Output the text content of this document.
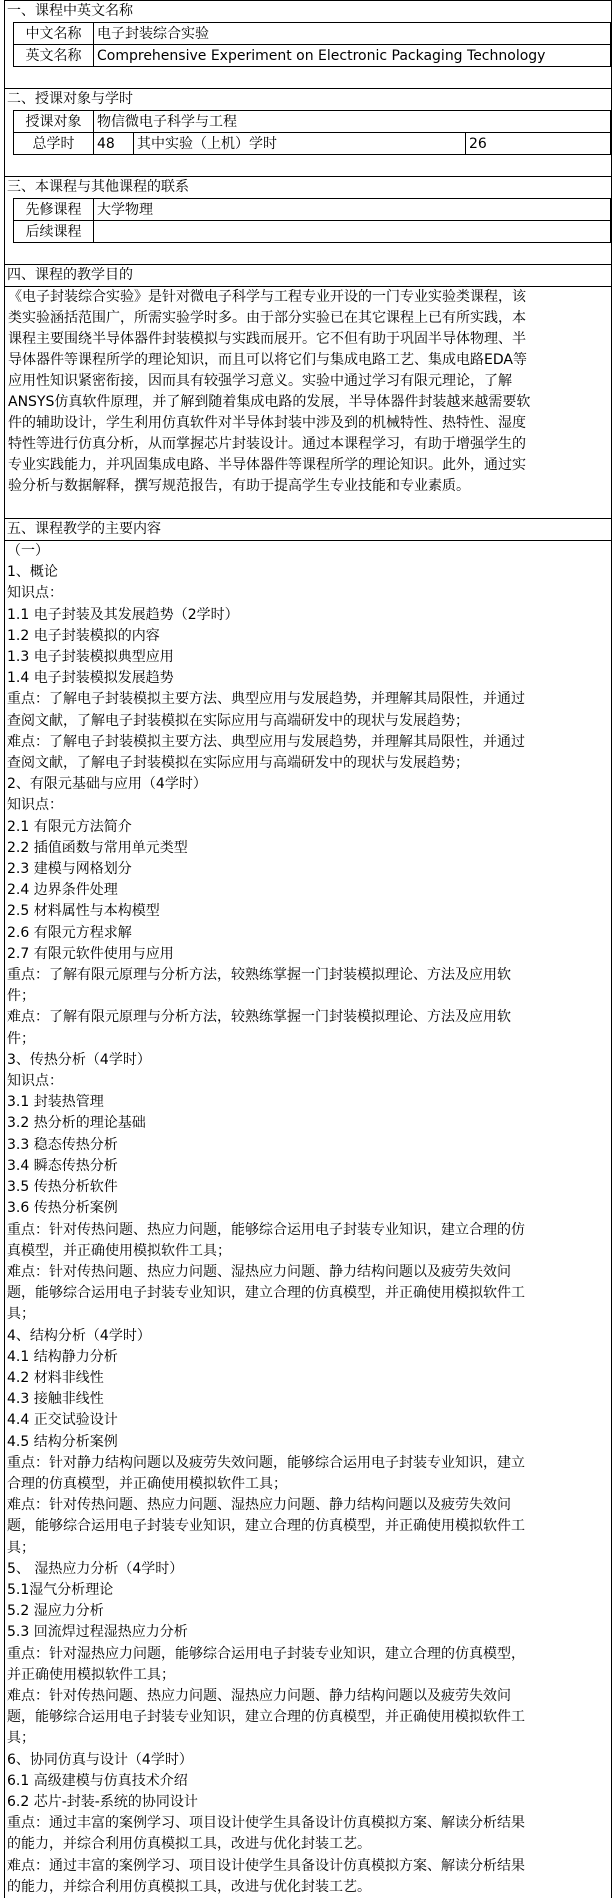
一、课程中英文名称
中文名称	电子封装综合实验
英文名称	Comprehensive Experiment on Electronic Packaging Technology
二、授课对象与学时
授课对象	物信微电子科学与工程		
总学时	48	其中实验（上机）学时	26
三、本课程与其他课程的联系
先修课程	大学物理
后续课程	
四、课程的教学目的
《电子封装综合实验》是针对微电子科学与工程专业开设的一门专业实验类课程，该
类实验涵括范围广，所需实验学时多。由于部分实验已在其它课程上已有所实践，本
课程主要围绕半导体器件封装模拟与实践而展开。它不但有助于巩固半导体物理、半
导体器件等课程所学的理论知识，而且可以将它们与集成电路工艺、集成电路EDA等
应用性知识紧密衔接，因而具有较强学习意义。实验中通过学习有限元理论，了解
ANSYS仿真软件原理，并了解到随着集成电路的发展，半导体器件封装越来越需要软
件的辅助设计，学生利用仿真软件对半导体封装中涉及到的机械特性、热特性、湿度
特性等进行仿真分析，从而掌握芯片封装设计。通过本课程学习，有助于增强学生的
专业实践能力，并巩固集成电路、半导体器件等课程所学的理论知识。此外，通过实
验分析与数据解释，撰写规范报告，有助于提高学生专业技能和专业素质。
五、课程教学的主要内容
（一）
1、概论
知识点：
1.1 电子封装及其发展趋势（2学时）
1.2 电子封装模拟的内容
1.3 电子封装模拟典型应用
1.4 电子封装模拟发展趋势
重点：了解电子封装模拟主要方法、典型应用与发展趋势，并理解其局限性，并通过
查阅文献，了解电子封装模拟在实际应用与高端研发中的现状与发展趋势；
难点：了解电子封装模拟主要方法、典型应用与发展趋势，并理解其局限性，并通过
查阅文献，了解电子封装模拟在实际应用与高端研发中的现状与发展趋势；
2、有限元基础与应用（4学时）
知识点：
2.1 有限元方法简介
2.2 插值函数与常用单元类型
2.3 建模与网格划分
2.4 边界条件处理
2.5 材料属性与本构模型
2.6 有限元方程求解
2.7 有限元软件使用与应用
重点：了解有限元原理与分析方法，较熟练掌握一门封装模拟理论、方法及应用软
件；
难点：了解有限元原理与分析方法，较熟练掌握一门封装模拟理论、方法及应用软
件；
3、传热分析（4学时）
知识点：
3.1 封装热管理
3.2 热分析的理论基础
3.3 稳态传热分析
3.4 瞬态传热分析
3.5 传热分析软件
3.6 传热分析案例
重点：针对传热问题、热应力问题，能够综合运用电子封装专业知识，建立合理的仿
真模型，并正确使用模拟软件工具；
难点：针对传热问题、热应力问题、湿热应力问题、静力结构问题以及疲劳失效问
题，能够综合运用电子封装专业知识，建立合理的仿真模型，并正确使用模拟软件工
具；
4、结构分析（4学时）
4.1 结构静力分析
4.2 材料非线性
4.3 接触非线性
4.4 正交试验设计
4.5 结构分析案例
重点：针对静力结构问题以及疲劳失效问题，能够综合运用电子封装专业知识，建立
合理的仿真模型，并正确使用模拟软件工具；
难点：针对传热问题、热应力问题、湿热应力问题、静力结构问题以及疲劳失效问
题，能够综合运用电子封装专业知识，建立合理的仿真模型，并正确使用模拟软件工
具；
5、 湿热应力分析（4学时）
5.1湿气分析理论
5.2 湿应力分析
5.3 回流焊过程湿热应力分析
重点：针对湿热应力问题，能够综合运用电子封装专业知识，建立合理的仿真模型，
并正确使用模拟软件工具；
难点：针对传热问题、热应力问题、湿热应力问题、静力结构问题以及疲劳失效问
题，能够综合运用电子封装专业知识，建立合理的仿真模型，并正确使用模拟软件工
具；
6、协同仿真与设计（4学时）
6.1 高级建模与仿真技术介绍
6.2 芯片-封装-系统的协同设计
重点：通过丰富的案例学习、项目设计使学生具备设计仿真模拟方案、解读分析结果
的能力，并综合利用仿真模拟工具，改进与优化封装工艺。
难点：通过丰富的案例学习、项目设计使学生具备设计仿真模拟方案、解读分析结果
的能力，并综合利用仿真模拟工具，改进与优化封装工艺。
